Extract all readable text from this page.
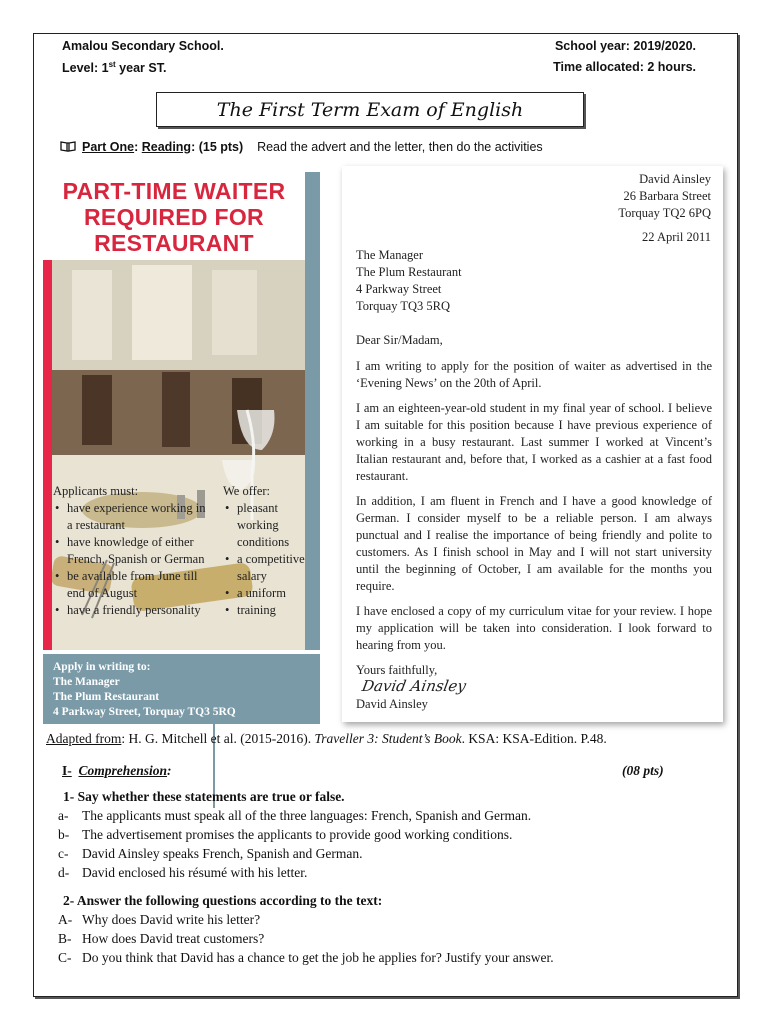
Amalou Secondary School.
Level: 1st year ST.
School year: 2019/2020.
Time allocated: 2 hours.
The First Term Exam of English
Part One: Reading: (15 pts) Read the advert and the letter, then do the activities
PART-TIME WAITER
REQUIRED FOR
RESTAURANT
Applicants must:
• have experience working in a restaurant
• have knowledge of either French, Spanish or German
• be available from June till end of August
• have a friendly personality
We offer:
• pleasant working conditions
• a competitive salary
• a uniform
• training
Apply in writing to:
The Manager
The Plum Restaurant
4 Parkway Street, Torquay TQ3 5RQ
David Ainsley
26 Barbara Street
Torquay TQ2 6PQ
22 April 2011
The Manager
The Plum Restaurant
4 Parkway Street
Torquay TQ3 5RQ
Dear Sir/Madam,
I am writing to apply for the position of waiter as advertised in the ‘Evening News’ on the 20th of April.
I am an eighteen-year-old student in my final year of school. I believe I am suitable for this position because I have previous experience of working in a busy restaurant. Last summer I worked at Vincent’s Italian restaurant and, before that, I worked as a cashier at a fast food restaurant.
In addition, I am fluent in French and I have a good knowledge of German. I consider myself to be a reliable person. I am always punctual and I realise the importance of being friendly and polite to customers. As I finish school in May and I will not start university until the beginning of October, I am available for the months you require.
I have enclosed a copy of my curriculum vitae for your review. I hope my application will be taken into consideration. I look forward to hearing from you.
Yours faithfully,
David Ainsley
David Ainsley
Adapted from: H. G. Mitchell et al. (2015-2016). Traveller 3: Student’s Book. KSA: KSA-Edition. P.48.
I- Comprehension:	(08 pts)
1- Say whether these statements are true or false.
a- The applicants must speak all of the three languages: French, Spanish and German.
b- The advertisement promises the applicants to provide good working conditions.
c- David Ainsley speaks French, Spanish and German.
d- David enclosed his résumé with his letter.
2- Answer the following questions according to the text:
A- Why does David write his letter?
B- How does David treat customers?
C- Do you think that David has a chance to get the job he applies for? Justify your answer.
